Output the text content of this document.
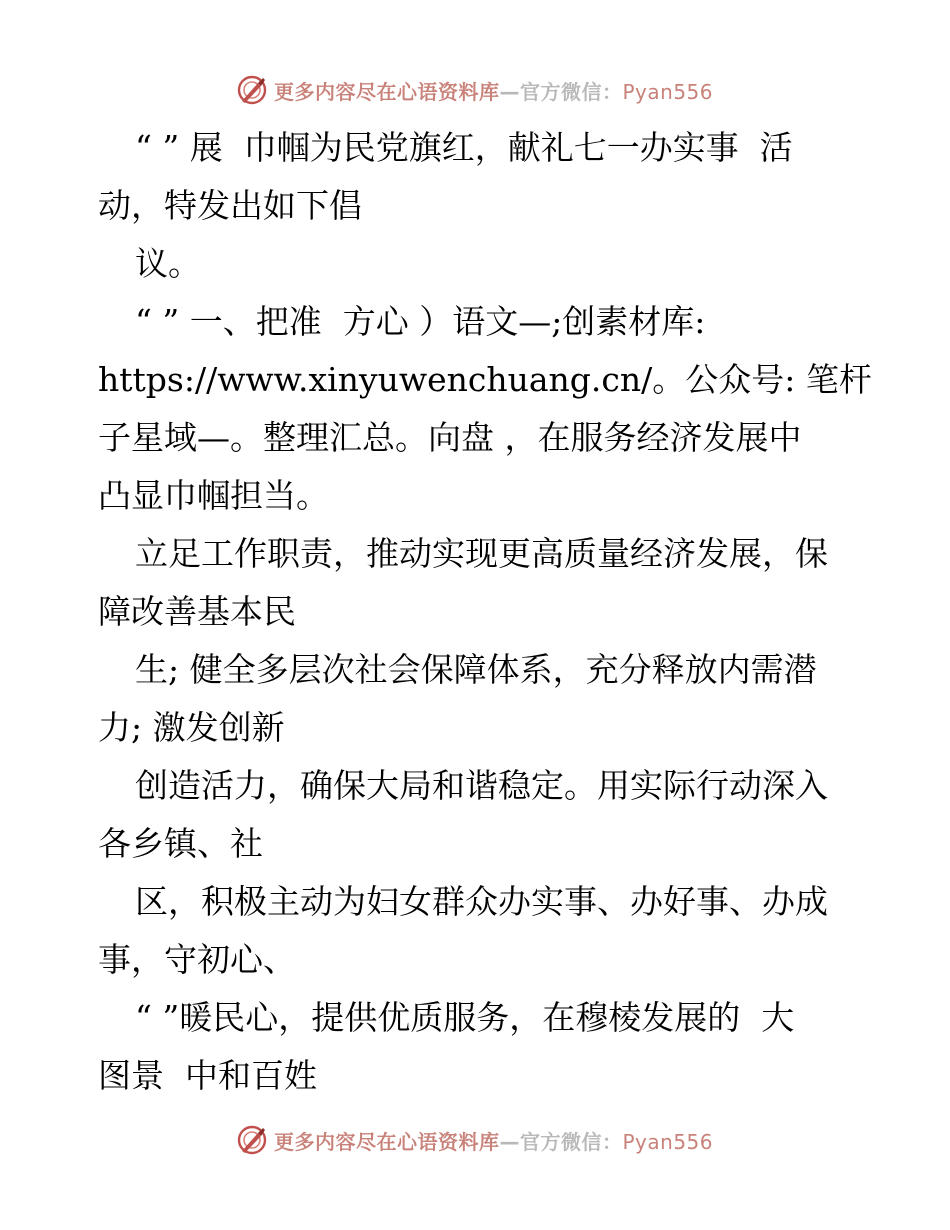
更多内容尽在心语资料库—官方微信：Pyan556
“ ” 展  巾帼为民党旗红，献礼七一办实事  活
动，特发出如下倡
议。
“ ” 一、把准  方心 ）语文—;创素材库:
https://www.xinyuwenchuang.cn/。公众号: 笔杆
子星域—。整理汇总。向盘 ，在服务经济发展中
凸显巾帼担当。
立足工作职责，推动实现更高质量经济发展，保
障改善基本民
生; 健全多层次社会保障体系，充分释放内需潜
力; 激发创新
创造活力，确保大局和谐稳定。用实际行动深入
各乡镇、社
区，积极主动为妇女群众办实事、办好事、办成
事，守初心、
“ ”暖民心，提供优质服务，在穆棱发展的  大
图景  中和百姓
更多内容尽在心语资料库—官方微信：Pyan556
